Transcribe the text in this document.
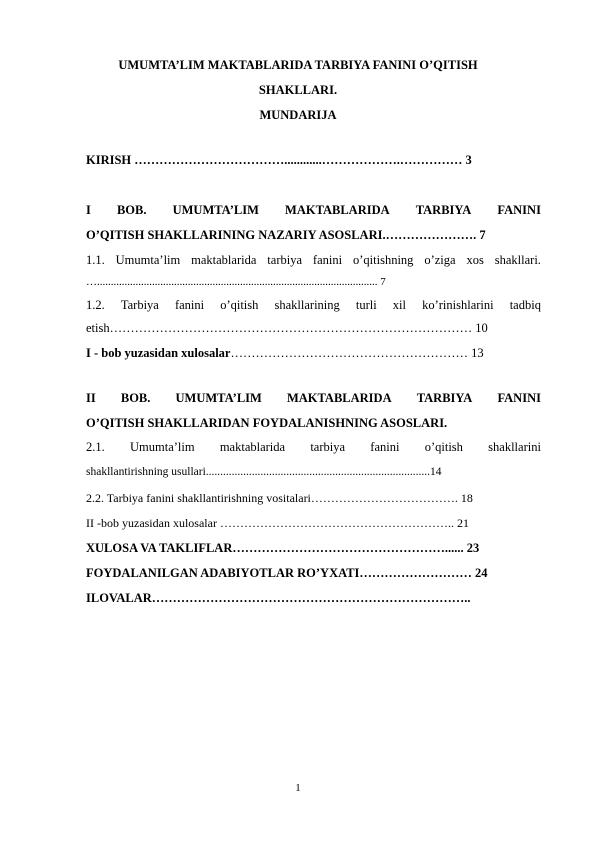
UMUMTA’LIM MAKTABLARIDA TARBIYA FANINI O’QITISH
SHAKLLARI.
MUNDARIJA
KIRISH ………………………………............……………….…………… 3
I BOB. UMUMTA’LIM MAKTABLARIDA TARBIYA FANINI
O’QITISH SHAKLLARINING NAZARIY ASOSLARI.…………………. 7
1.1. Umumta’lim maktablarida tarbiya fanini o’qitishning o’ziga xos shakllari.
…...................................................................................................... 7
1.2. Tarbiya fanini o’qitish shakllarining turli xil ko’rinishlarini tadbiq
etish…………………………………………………………………………… 10
I - bob yuzasidan xulosalar………………………………………………… 13
II BOB. UMUMTA’LIM MAKTABLARIDA TARBIYA FANINI
O’QITISH SHAKLLARIDAN FOYDALANISHNING ASOSLARI.
2.1. Umumta’lim maktablarida tarbiya fanini o’qitish shakllarini
shakllantirishning usullari..............................................................................14
2.2. Tarbiya fanini shakllantirishning vositalari………………………………. 18
II -bob yuzasidan xulosalar ………………………………………………….. 21
XULOSA VA TAKLIFLAR……………………………………………...... 23
FOYDALANILGAN ADABIYOTLAR RO’YXATI……………………… 24
ILOVALAR…………………………………………………………………..
1
